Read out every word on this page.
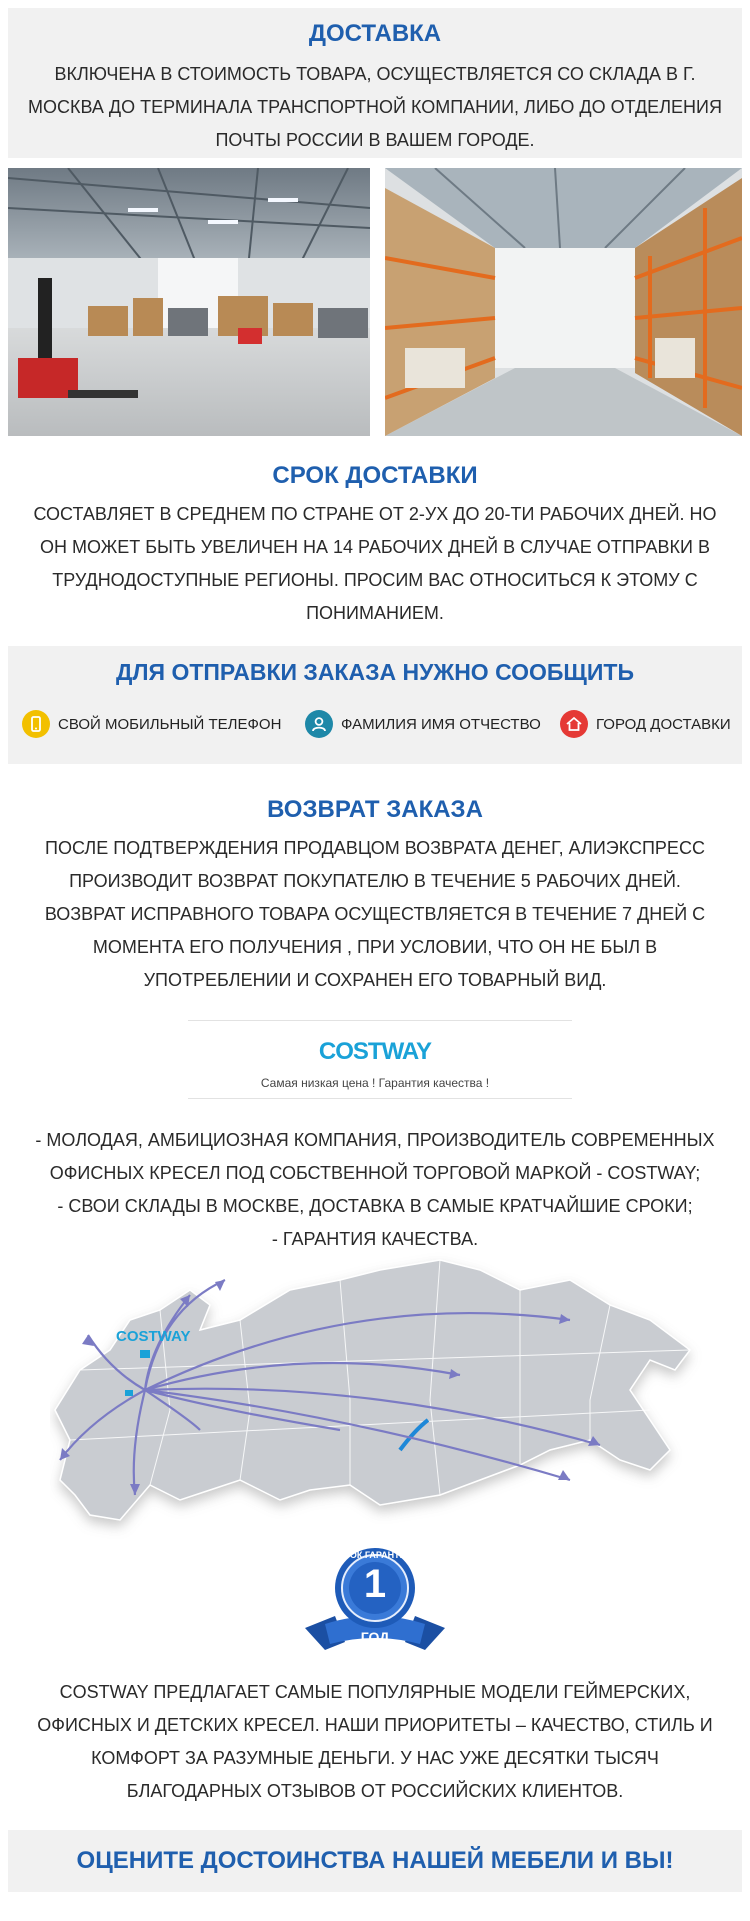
ДОСТАВКА
ВКЛЮЧЕНА В СТОИМОСТЬ ТОВАРА, ОСУЩЕСТВЛЯЕТСЯ СО СКЛАДА В Г.
МОСКВА ДО ТЕРМИНАЛА ТРАНСПОРТНОЙ КОМПАНИИ, ЛИБО ДО ОТДЕЛЕНИЯ
ПОЧТЫ РОССИИ В ВАШЕМ ГОРОДЕ.
СРОК ДОСТАВКИ
СОСТАВЛЯЕТ В СРЕДНЕМ ПО СТРАНЕ ОТ 2-УХ ДО 20-ТИ РАБОЧИХ ДНЕЙ. НО
ОН МОЖЕТ БЫТЬ УВЕЛИЧЕН НА 14 РАБОЧИХ ДНЕЙ В СЛУЧАЕ ОТПРАВКИ В
ТРУДНОДОСТУПНЫЕ РЕГИОНЫ. ПРОСИМ ВАС ОТНОСИТЬСЯ К ЭТОМУ С
ПОНИМАНИЕМ.
ДЛЯ ОТПРАВКИ ЗАКАЗА НУЖНО СООБЩИТЬ
СВОЙ МОБИЛЬНЫЙ ТЕЛЕФОН	ФАМИЛИЯ ИМЯ ОТЧЕСТВО	ГОРОД ДОСТАВКИ
ВОЗВРАТ ЗАКАЗА
ПОСЛЕ ПОДТВЕРЖДЕНИЯ ПРОДАВЦОМ ВОЗВРАТА ДЕНЕГ, АЛИЭКСПРЕСС
ПРОИЗВОДИТ ВОЗВРАТ ПОКУПАТЕЛЮ В ТЕЧЕНИЕ 5 РАБОЧИХ ДНЕЙ.
ВОЗВРАТ ИСПРАВНОГО ТОВАРА ОСУЩЕСТВЛЯЕТСЯ В ТЕЧЕНИЕ 7 ДНЕЙ С
МОМЕНТА ЕГО ПОЛУЧЕНИЯ , ПРИ УСЛОВИИ, ЧТО ОН НЕ БЫЛ В
УПОТРЕБЛЕНИИ И СОХРАНЕН ЕГО ТОВАРНЫЙ ВИД.
COSTWAY
Самая низкая цена ! Гарантия качества !
- МОЛОДАЯ, АМБИЦИОЗНАЯ КОМПАНИЯ, ПРОИЗВОДИТЕЛЬ СОВРЕМЕННЫХ
ОФИСНЫХ КРЕСЕЛ ПОД СОБСТВЕННОЙ ТОРГОВОЙ МАРКОЙ - COSTWAY;
- СВОИ СКЛАДЫ В МОСКВЕ, ДОСТАВКА В САМЫЕ КРАТЧАЙШИЕ СРОКИ;
- ГАРАНТИЯ КАЧЕСТВА.
COSTWAY
СРОК ГАРАНТИИ
1
ГОД
COSTWAY ПРЕДЛАГАЕТ САМЫЕ ПОПУЛЯРНЫЕ МОДЕЛИ ГЕЙМЕРСКИХ,
ОФИСНЫХ И ДЕТСКИХ КРЕСЕЛ. НАШИ ПРИОРИТЕТЫ – КАЧЕСТВО, СТИЛЬ И
КОМФОРТ ЗА РАЗУМНЫЕ ДЕНЬГИ. У НАС УЖЕ ДЕСЯТКИ ТЫСЯЧ
БЛАГОДАРНЫХ ОТЗЫВОВ ОТ РОССИЙСКИХ КЛИЕНТОВ.
ОЦЕНИТЕ ДОСТОИНСТВА НАШЕЙ МЕБЕЛИ И ВЫ!
